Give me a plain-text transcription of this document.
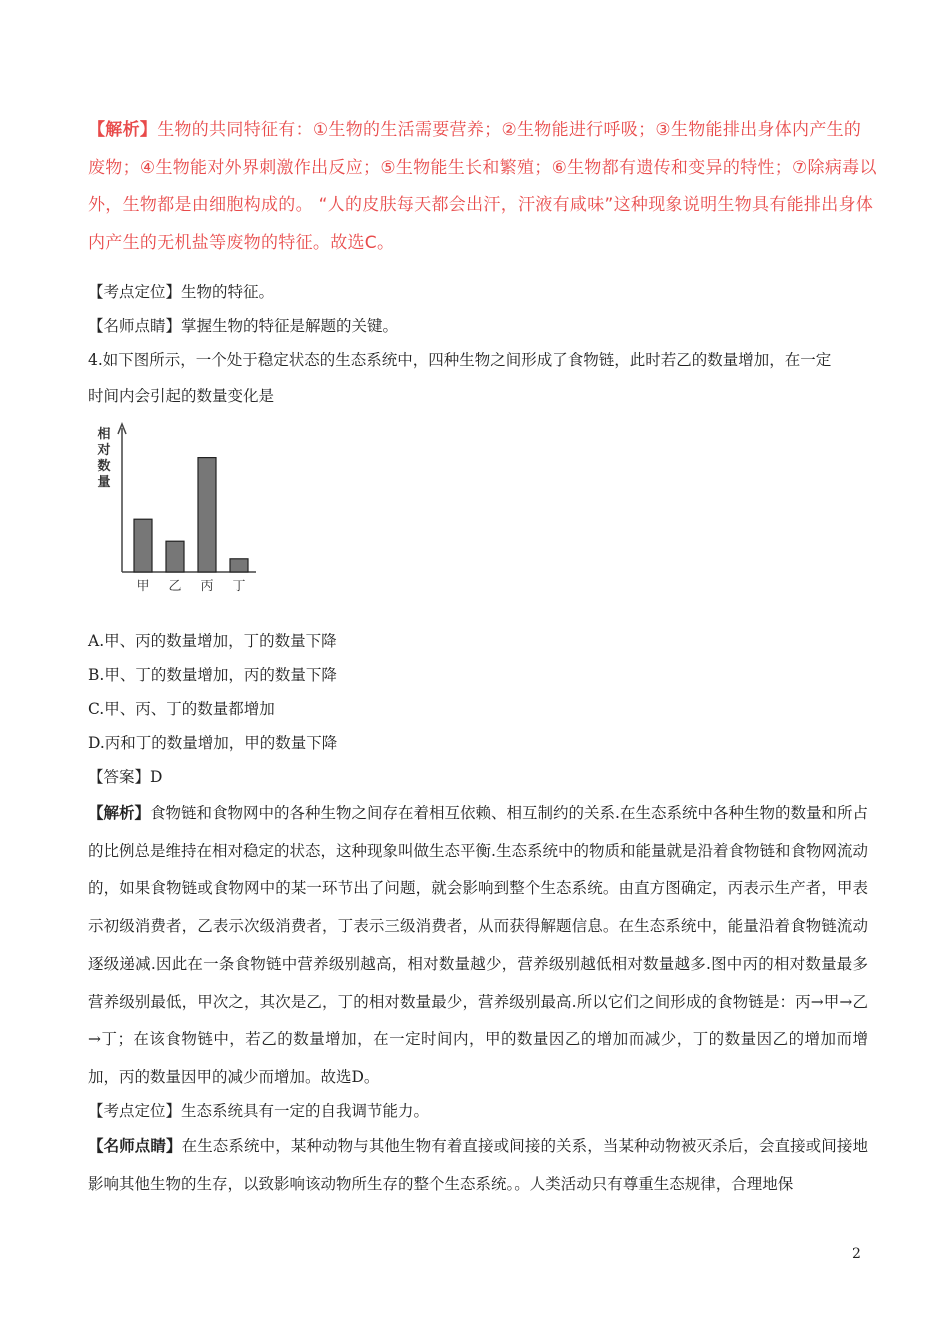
【解析】生物的共同特征有：①生物的生活需要营养；②生物能进行呼吸；③生物能排出身体内产生的废物；④生物能对外界刺激作出反应；⑤生物能生长和繁殖；⑥生物都有遗传和变异的特性；⑦除病毒以外，生物都是由细胞构成的。 “人的皮肤每天都会出汗，汗液有咸味”这种现象说明生物具有能排出身体内产生的无机盐等废物的特征。故选C。
【考点定位】生物的特征。
【名师点睛】掌握生物的特征是解题的关键。
4.如下图所示，一个处于稳定状态的生态系统中，四种生物之间形成了食物链，此时若乙的数量增加，在一定
时间内会引起的数量变化是
相
对
数
量
甲 乙 丙 丁
A.甲、丙的数量增加，丁的数量下降
B.甲、丁的数量增加，丙的数量下降
C.甲、丙、丁的数量都增加
D.丙和丁的数量增加，甲的数量下降
【答案】D
【解析】食物链和食物网中的各种生物之间存在着相互依赖、相互制约的关系.在生态系统中各种生物的数量和所占的比例总是维持在相对稳定的状态，这种现象叫做生态平衡.生态系统中的物质和能量就是沿着食物链和食物网流动的，如果食物链或食物网中的某一环节出了问题，就会影响到整个生态系统。由直方图确定，丙表示生产者，甲表示初级消费者，乙表示次级消费者，丁表示三级消费者，从而获得解题信息。在生态系统中，能量沿着食物链流动逐级递减.因此在一条食物链中营养级别越高，相对数量越少，营养级别越低相对数量越多.图中丙的相对数量最多营养级别最低，甲次之，其次是乙，丁的相对数量最少，营养级别最高.所以它们之间形成的食物链是：丙→甲→乙→丁；在该食物链中，若乙的数量增加，在一定时间内，甲的数量因乙的增加而减少，丁的数量因乙的增加而增加，丙的数量因甲的减少而增加。故选D。
【考点定位】生态系统具有一定的自我调节能力。
【名师点睛】在生态系统中，某种动物与其他生物有着直接或间接的关系，当某种动物被灭杀后，会直接或间接地影响其他生物的生存，以致影响该动物所生存的整个生态系统。。人类活动只有尊重生态规律，合理地保
2
